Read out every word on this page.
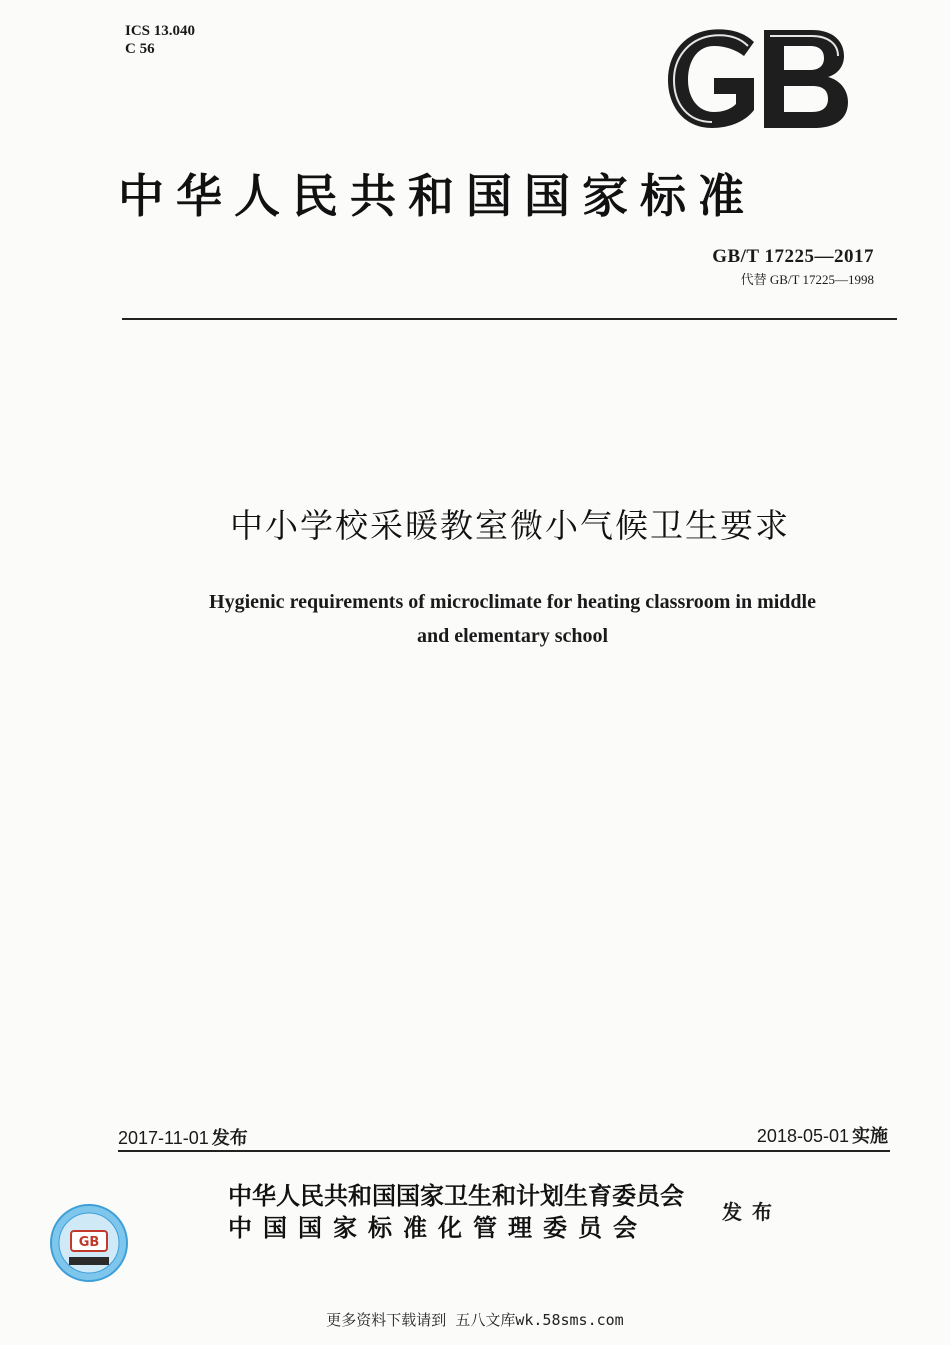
ICS 13.040
C 56
中华人民共和国国家标准
GB/T 17225—2017
代替 GB/T 17225—1998
中小学校采暖教室微小气候卫生要求
Hygienic requirements of microclimate for heating classroom in middle
and elementary school
2017-11-01 发布	2018-05-01 实施
GB
中华人民共和国国家卫生和计划生育委员会
中国国家标准化管理委员会
发布
更多资料下载请到 五八文库wk.58sms.com
